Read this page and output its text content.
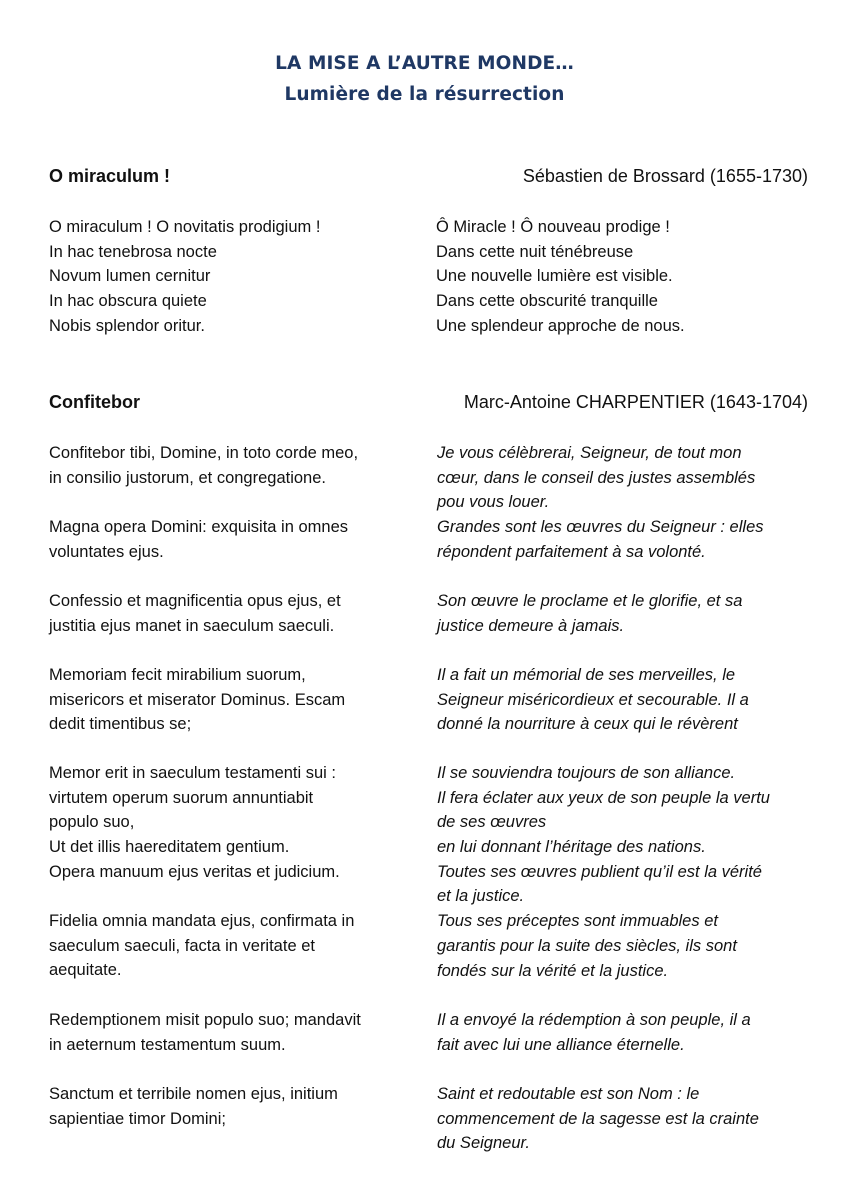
LA MISE A L’AUTRE MONDE…
Lumière de la résurrection
O miraculum !	Sébastien de Brossard (1655-1730)
O miraculum ! O novitatis prodigium !
In hac tenebrosa nocte
Novum lumen cernitur
In hac obscura quiete
Nobis splendor oritur.
Ô Miracle ! Ô nouveau prodige !
Dans cette nuit ténébreuse
Une nouvelle lumière est visible.
Dans cette obscurité tranquille
Une splendeur approche de nous.
Confitebor	Marc-Antoine CHARPENTIER (1643-1704)
Confitebor tibi, Domine, in toto corde meo,
in consilio justorum, et congregatione.
Magna opera Domini: exquisita in omnes
voluntates ejus.
Confessio et magnificentia opus ejus, et
justitia ejus manet in saeculum saeculi.
Memoriam fecit mirabilium suorum,
misericors et miserator Dominus. Escam
dedit timentibus se;
Memor erit in saeculum testamenti sui :
virtutem operum suorum annuntiabit
populo suo,
Ut det illis haereditatem gentium.
Opera manuum ejus veritas et judicium.
Fidelia omnia mandata ejus, confirmata in
saeculum saeculi, facta in veritate et
aequitate.
Redemptionem misit populo suo; mandavit
in aeternum testamentum suum.
Sanctum et terribile nomen ejus, initium
sapientiae timor Domini;
Je vous célèbrerai, Seigneur, de tout mon
cœur, dans le conseil des justes assemblés
pou vous louer.
Grandes sont les œuvres du Seigneur : elles
répondent parfaitement à sa volonté.
Son œuvre le proclame et le glorifie, et sa
justice demeure à jamais.
Il a fait un mémorial de ses merveilles, le
Seigneur miséricordieux et secourable. Il a
donné la nourriture à ceux qui le révèrent
Il se souviendra toujours de son alliance.
Il fera éclater aux yeux de son peuple la vertu
de ses œuvres
en lui donnant l’héritage des nations.
Toutes ses œuvres publient qu’il est la vérité
et la justice.
Tous ses préceptes sont immuables et
garantis pour la suite des siècles, ils sont
fondés sur la vérité et la justice.
Il a envoyé la rédemption à son peuple, il a
fait avec lui une alliance éternelle.
Saint et redoutable est son Nom : le
commencement de la sagesse est la crainte
du Seigneur.
